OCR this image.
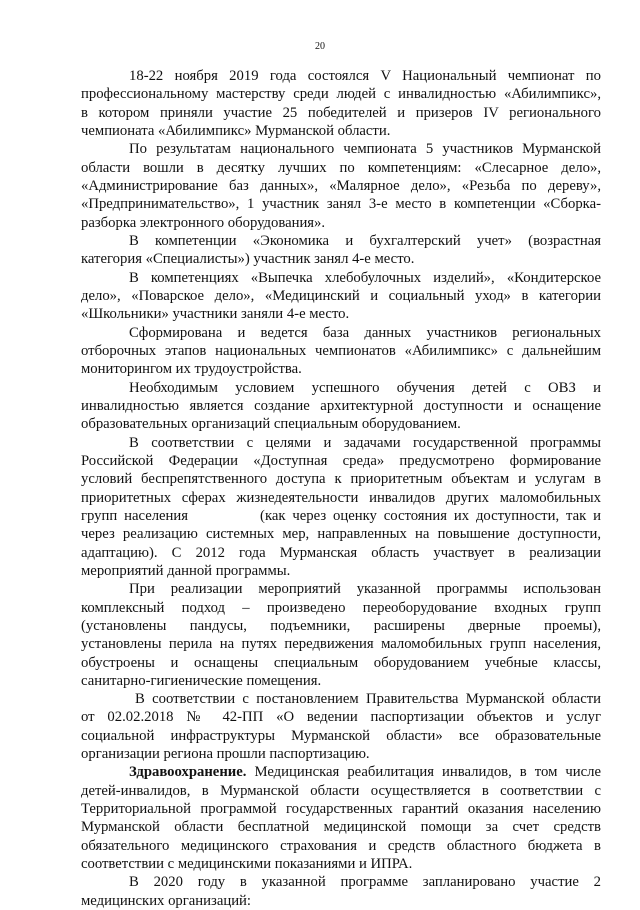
20
18-22 ноября 2019 года состоялся V Национальный чемпионат по
профессиональному мастерству среди людей с инвалидностью «Абилимпикс»,
в котором приняли участие 25 победителей и призеров IV регионального
чемпионата «Абилимпикс» Мурманской области.
По результатам национального чемпионата 5 участников Мурманской
области вошли в десятку лучших по компетенциям: «Слесарное дело»,
«Администрирование баз данных», «Малярное дело», «Резьба по дереву»,
«Предпринимательство», 1 участник занял 3-е место в компетенции «Сборка-
разборка электронного оборудования».
В компетенции «Экономика и бухгалтерский учет» (возрастная
категория «Специалисты») участник занял 4-е место.
В компетенциях «Выпечка хлебобулочных изделий», «Кондитерское
дело», «Поварское дело», «Медицинский и социальный уход» в категории
«Школьники» участники заняли 4-е место.
Сформирована и ведется база данных участников региональных
отборочных этапов национальных чемпионатов «Абилимпикс» с дальнейшим
мониторингом их трудоустройства.
Необходимым условием успешного обучения детей с ОВЗ и
инвалидностью является создание архитектурной доступности и оснащение
образовательных организаций специальным оборудованием.
В соответствии с целями и задачами государственной программы
Российской Федерации «Доступная среда» предусмотрено формирование
условий беспрепятственного доступа к приоритетным объектам и услугам в
приоритетных сферах жизнедеятельности инвалидов других маломобильных
групп населения	(как через оценку состояния их доступности, так и
через реализацию системных мер, направленных на повышение доступности,
адаптацию). С 2012 года Мурманская область участвует в реализации
мероприятий данной программы.
При реализации мероприятий указанной программы использован
комплексный подход – произведено переоборудование входных групп
(установлены пандусы, подъемники, расширены дверные проемы),
установлены перила на путях передвижения маломобильных групп населения,
обустроены и оснащены специальным оборудованием учебные классы,
санитарно-гигиенические помещения.
В соответствии с постановлением Правительства Мурманской области
от 02.02.2018 № 42-ПП «О ведении паспортизации объектов и услуг
социальной инфраструктуры Мурманской области» все образовательные
организации региона прошли паспортизацию.
Здравоохранение. Медицинская реабилитация инвалидов, в том числе
детей-инвалидов, в Мурманской области осуществляется в соответствии с
Территориальной программой государственных гарантий оказания населению
Мурманской области бесплатной медицинской помощи за счет средств
обязательного медицинского страхования и средств областного бюджета в
соответствии с медицинскими показаниями и ИПРА.
В 2020 году в указанной программе запланировано участие 2
медицинских организаций:
